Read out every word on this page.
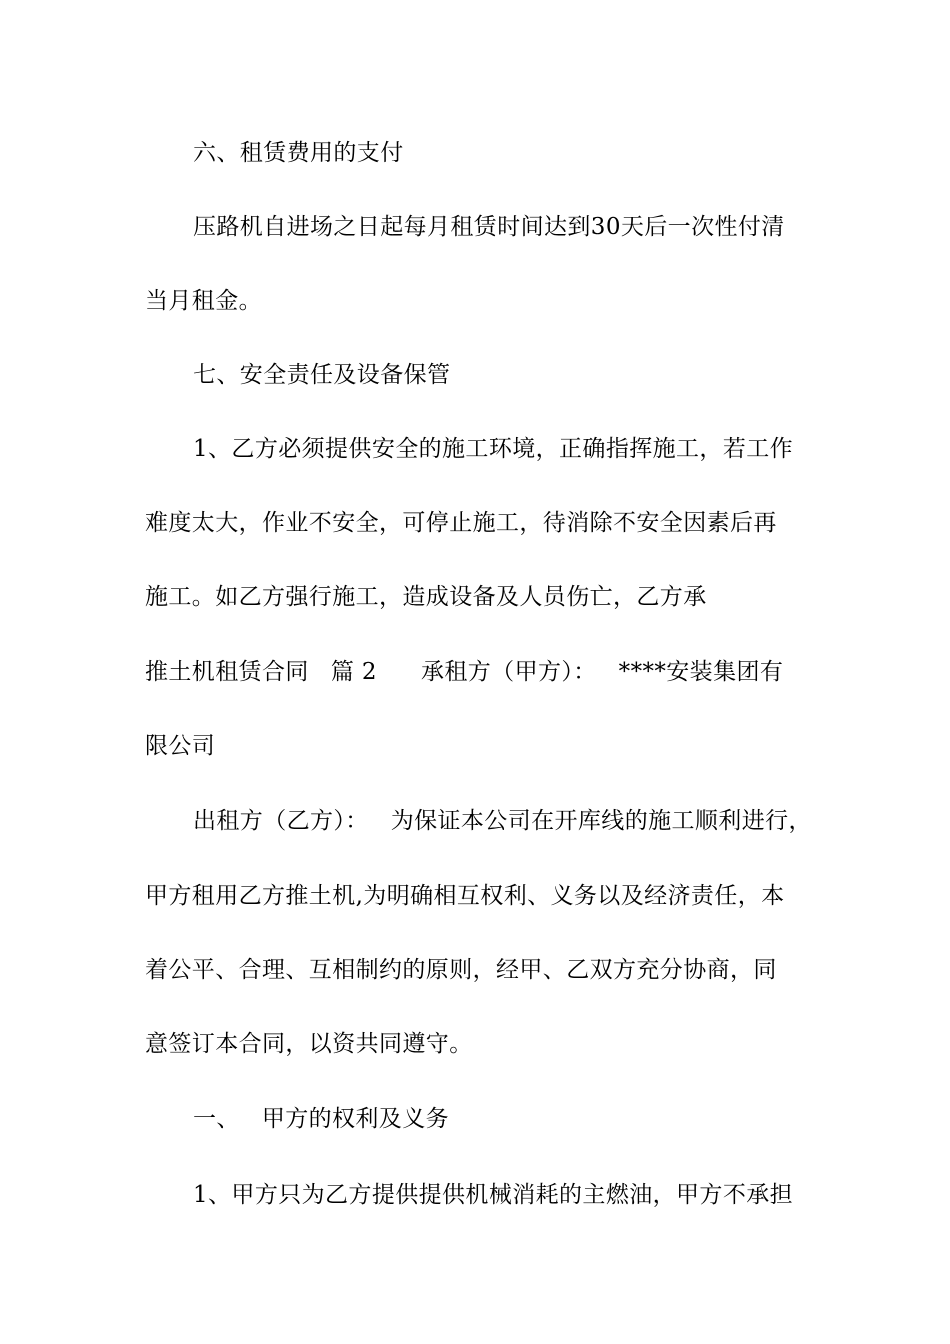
六、租赁费用的支付
压路机自进场之日起每月租赁时间达到30天后一次性付清
当月租金。
七、安全责任及设备保管
1、乙方必须提供安全的施工环境，正确指挥施工，若工作
难度太大，作业不安全，可停止施工，待消除不安全因素后再
施工。如乙方强行施工，造成设备及人员伤亡，乙方承
推土机租赁合同 篇 2 承租方（甲方）： ****安装集团有
限公司
出租方（乙方）： 为保证本公司在开库线的施工顺利进行，
甲方租用乙方推土机,为明确相互权利、义务以及经济责任，本
着公平、合理、互相制约的原则，经甲、乙双方充分协商，同
意签订本合同，以资共同遵守。
一、 甲方的权利及义务
1、甲方只为乙方提供提供机械消耗的主燃油，甲方不承担
